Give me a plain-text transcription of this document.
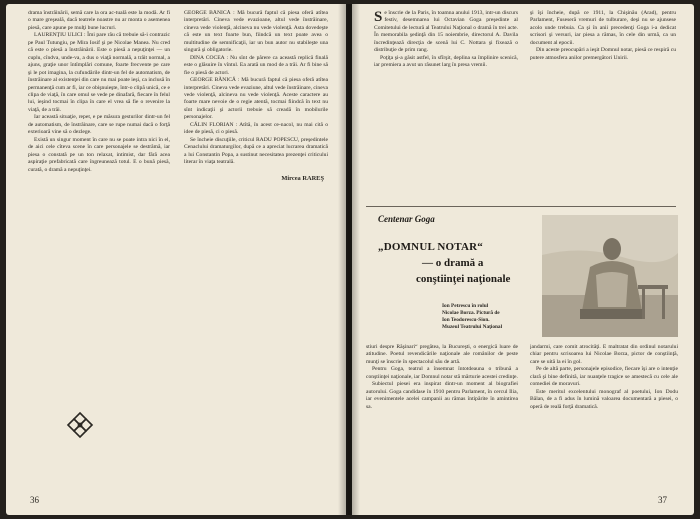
drama înstrăinării, semă care la ora ac-tuală este la modă. Ar fi o mare greşeală, dacă teatrele noastre nu ar monta o asemenea piesă, care apune pe mulţi bune lucruri.

LAURENŢIU ULICI : Îmi pare rău că trebuie să-i contrazic pe Paul Tutungiu, pe Mira Iosif şi pe Nicolae Manea. Nu cred că este o piesă a înstrăinării. Este o piesă a nepuţinţei — un cuplu, cîndva, unde-va, a dus o viaţă normală, a trăit normal, a ajuns, graţie unor întîmplări comune, foarte frecvente pe care şi le pot imagina, la cufundările dintr-un fel de automatism, de înstrăinare al existenţei din care nu mai poate ieşi, ca inclusă în permanenţă cum ar fi, iar ce obişnuieşte, într-o clipă unică, ce e clipa de viaţă, în care omul se vede pe dinafară, fiecare în felul lui, ieşind tocmai în clipa în care el vrea să fie o revenire la viaţă, de a trăi.

Iar această situaţie, repet, e pe măsura gesturilor dintr-un fel de automatism, de înstrăinare, care se rupe numai dacă o forţă exterioară vine să o dezlege.

Există un singur moment în care nu se poate intra nici în el, de aici cele cîteva scene în care personajele se destrămă, iar piesa o constată pe un ton relaxat, intimist, dar fără acea aspiraţie prefabricată care îngreunează totul. E o bună piesă, curată, o dramă a nepuţinţei.

GEORGE BĂNICĂ : Mă bucură faptul că piesa oferă atîtea interpretări. Cineva vede evazioane, altul vede înstrăinare, cineva vede violenţă, alcineva nu vede violenţă. Asta dovedeşte că este un text foarte bun, fiindcă un text poate avea o multitudine de semnificaţii, iar un bun autor nu stabileşte una singură şi obligatorie.

DINA COCEA : Nu sînt de părere ca această replică finală este o glăsuire în vîntul. Ea arată un mod de a trăi. Ar fi bine să fie o piesă de actori.

GEORGE BĂNICĂ : Mă bucură faptul că piesa oferă atîtea interpretări. Cineva vede evaziune, altul vede înstrăinare, cineva vede violenţă, alcineva nu vede violenţă. Aceste caractere au foarte mare nevoie de o regie atentă, tocmai fiindcă în text nu sînt indicaţii şi actorii trebuie să creadă în mobilurile personajelor.

CĂLIN FLORIAN : Atîtă, în acest ce-nacol, nu mai cită o idee de piesă, ci o piesă.

Se încheie discuţiile, criticul RADU POPESCU, preşedintele Cenaclului dramaturgilor, după ce a apreciat lucrarea dramatică a lui Constantin Popa, a sustinut necesitatea prezenţei criticului literar în viaţa teatrală.

Mircea RAREŞ
36

Se înscrie de la Paris, în toamna anului 1913, intr-un discurs festiv, desemnarea lui Octavian Goga preşedinte al Comitetului de lectură al Teatrului Naţional o dramă în trei acte. În memorabila şedinţă din 15 noiembrie, directorul A. Davila încredinţează direcţia de scenă lui C. Nottara şi fixează o distribuţie de prim rang.

Poţiţa şi-a găsit astfel, în sfîrşit, deplina sa împlinire scenică, iar premiera a avut un răsunet larg în presa vremii.

şi îşi încheie, după ce 1911, la Chişinău (Arad), pentru Parlament, Fuseseră vremuri de tulburare, deşi nu se ajunsese acolo unde trebuia. Ca şi în anii precedenţi Goga i-a dedicat scrisori şi versuri, iar piesa a rămas, în cele din urmă, ca un document al epocii.

Din aceste preocupări a ieşit Domnul notar, piesă ce respiră cu putere atmosfera anilor premergători Unirii.

Centenar Goga
„DOMNUL NOTAR“
— o dramă a
conştiinţei naţionale
Ion Petrescu în rolul
Nicolae Borza. Pictură de
Ion Teodorescu-Sion.
Muzeul Teatrului Naţional

stiuri despre Răşinari“ pregătea, la Bucureşti, o energică luare de atitudine. Poetul revendicările naţionale ale românilor de peste munţi se înscrie în spectacolul său de artă.

Pentru Goga, teatrul a însemnat întotdeauna o tribună a conştiinţei naţionale, iar Domnul notar stă mărturie acestei credinţe.

Subiectul piesei era inspirat dintr-un moment al biografiei autorului. Goga candidase în 1910 pentru Parlament, în cercul Ilia, iar evenimentele acelei campanii au rămas întipărite în amintirea sa.

jandarmi, care comit atrocităţi. E maltratat din ordinul notarului chiar pentru scrisoarea lui Nicolae Borza, pictor de conştiinţă, care se uită la ei în gol.

Pe de altă parte, personajele episodice, fiecare îşi are o intenţie clară şi bine definită, iar nuanţele tragice se amestecă cu cele ale comediei de moravuri.

Este meritul excelentului monograf al poetului, Ion Dodu Bălan, de a fi adus în lumină valoarea documentară a piesei, o operă de reală forţă dramatică.

37
